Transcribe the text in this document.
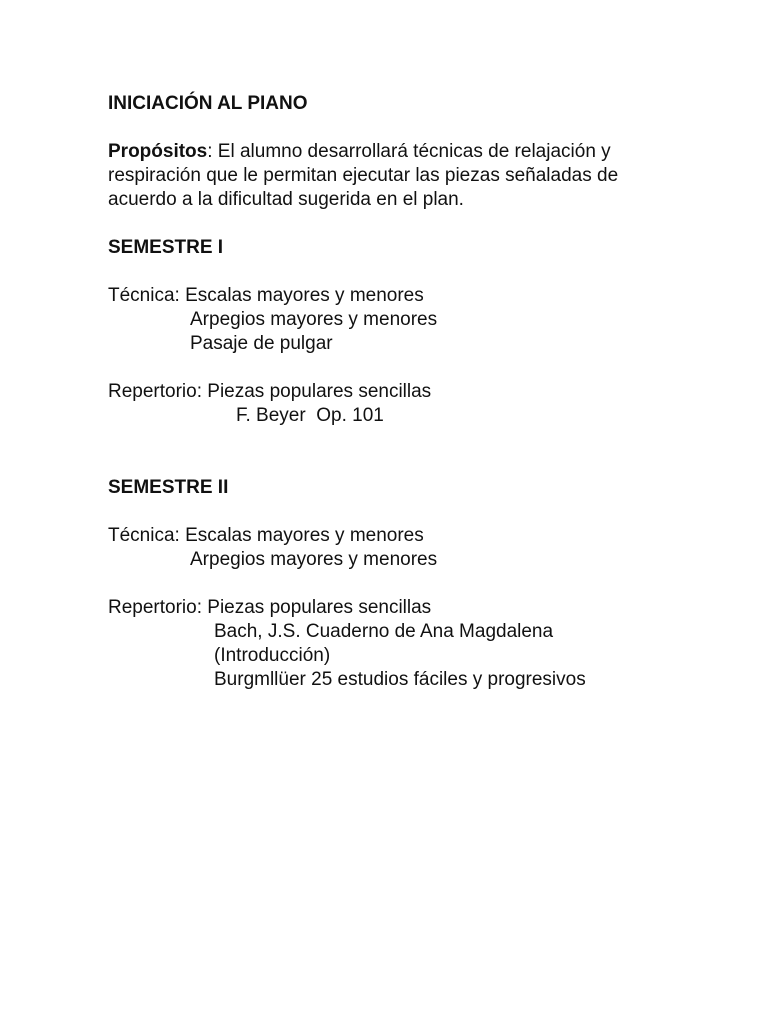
INICIACIÓN AL PIANO

Propósitos: El alumno desarrollará técnicas de relajación y respiración que le permitan ejecutar las piezas señaladas de acuerdo a la dificultad sugerida en el plan.

SEMESTRE I

Técnica: Escalas mayores y menores

Arpegios mayores y menores

Pasaje de pulgar

Repertorio: Piezas populares sencillas

F. Beyer  Op. 101

SEMESTRE II

Técnica: Escalas mayores y menores

Arpegios mayores y menores

Repertorio: Piezas populares sencillas

Bach, J.S. Cuaderno de Ana Magdalena

(Introducción)

Burgmllüer 25 estudios fáciles y progresivos
